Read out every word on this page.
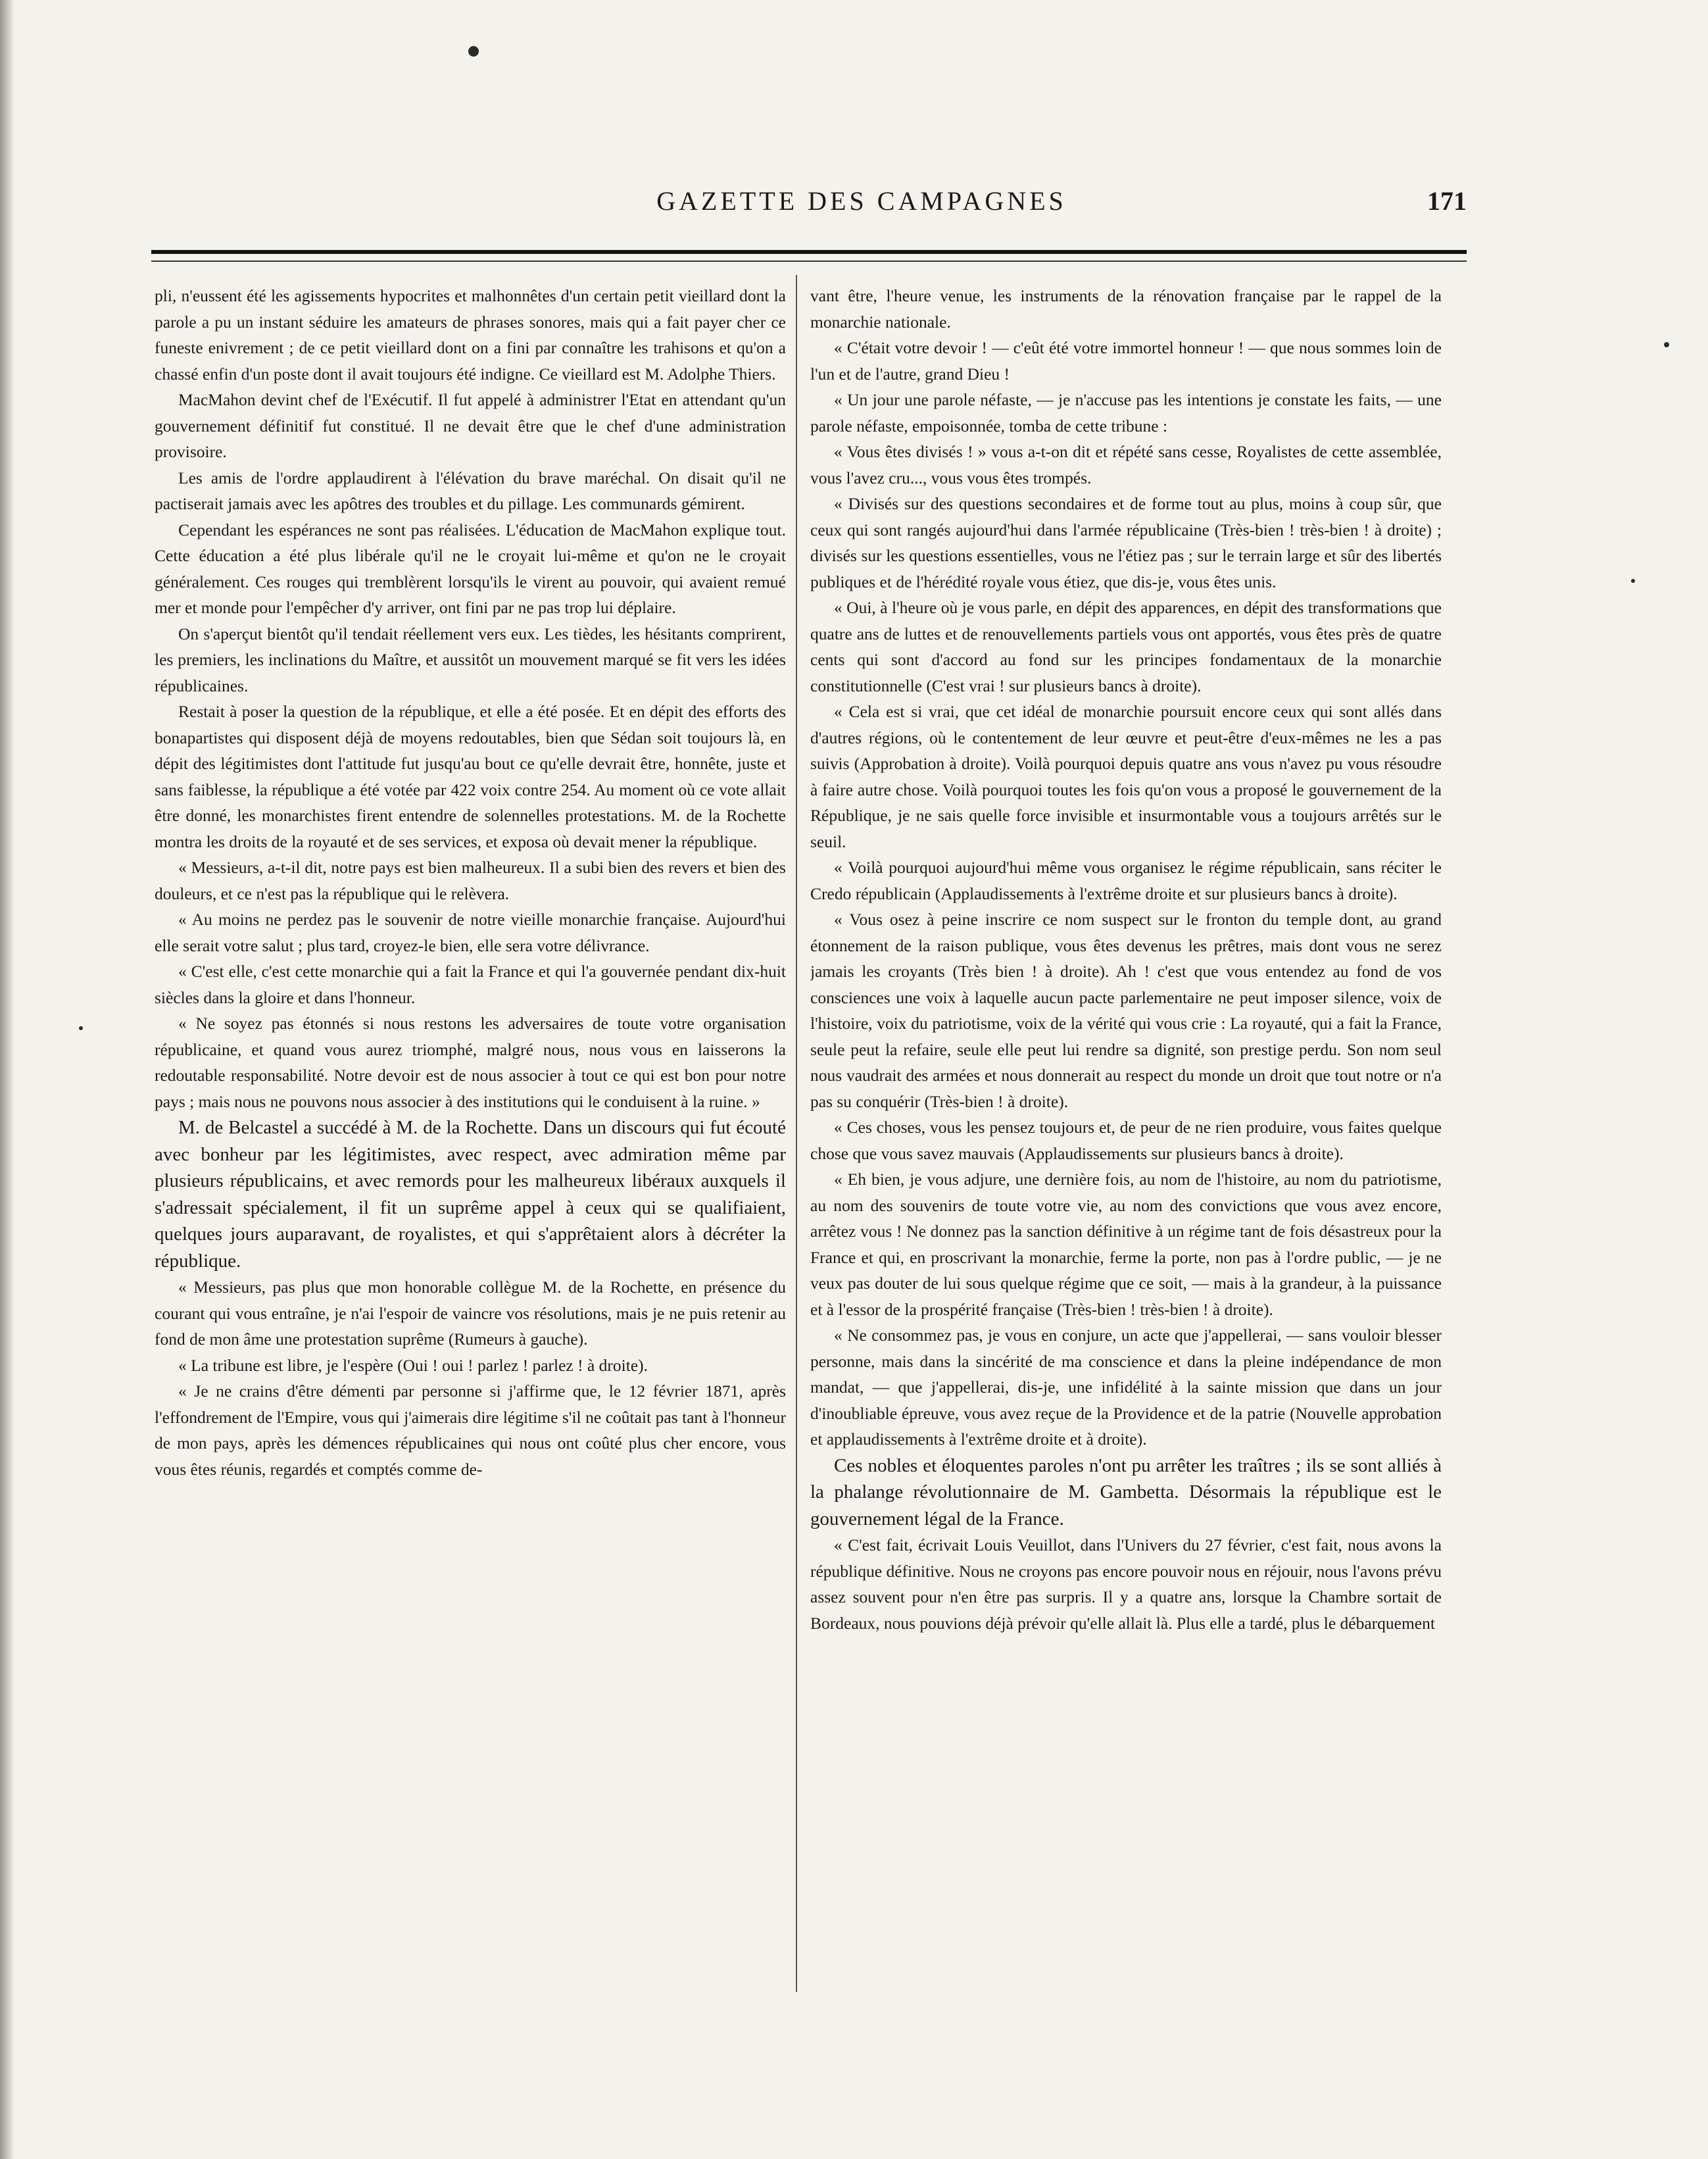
GAZETTE DES CAMPAGNES	171

pli, n'eussent été les agissements hypocrites et malhonnêtes d'un certain petit vieillard dont la parole a pu un instant séduire les amateurs de phrases sonores, mais qui a fait payer cher ce funeste enivrement ; de ce petit vieillard dont on a fini par connaître les trahisons et qu'on a chassé enfin d'un poste dont il avait toujours été indigne. Ce vieillard est M. Adolphe Thiers.

MacMahon devint chef de l'Exécutif. Il fut appelé à administrer l'Etat en attendant qu'un gouvernement définitif fut constitué. Il ne devait être que le chef d'une administration provisoire.

Les amis de l'ordre applaudirent à l'élévation du brave maréchal. On disait qu'il ne pactiserait jamais avec les apôtres des troubles et du pillage. Les communards gémirent.

Cependant les espérances ne sont pas réalisées. L'éducation de MacMahon explique tout. Cette éducation a été plus libérale qu'il ne le croyait lui-même et qu'on ne le croyait généralement. Ces rouges qui tremblèrent lorsqu'ils le virent au pouvoir, qui avaient remué mer et monde pour l'empêcher d'y arriver, ont fini par ne pas trop lui déplaire.

On s'aperçut bientôt qu'il tendait réellement vers eux. Les tièdes, les hésitants comprirent, les premiers, les inclinations du Maître, et aussitôt un mouvement marqué se fit vers les idées républicaines.

Restait à poser la question de la république, et elle a été posée. Et en dépit des efforts des bonapartistes qui disposent déjà de moyens redoutables, bien que Sédan soit toujours là, en dépit des légitimistes dont l'attitude fut jusqu'au bout ce qu'elle devrait être, honnête, juste et sans faiblesse, la république a été votée par 422 voix contre 254. Au moment où ce vote allait être donné, les monarchistes firent entendre de solennelles protestations. M. de la Rochette montra les droits de la royauté et de ses services, et exposa où devait mener la république.

« Messieurs, a-t-il dit, notre pays est bien malheureux. Il a subi bien des revers et bien des douleurs, et ce n'est pas la république qui le relèvera.

« Au moins ne perdez pas le souvenir de notre vieille monarchie française. Aujourd'hui elle serait votre salut ; plus tard, croyez-le bien, elle sera votre délivrance.

« C'est elle, c'est cette monarchie qui a fait la France et qui l'a gouvernée pendant dix-huit siècles dans la gloire et dans l'honneur.

« Ne soyez pas étonnés si nous restons les adversaires de toute votre organisation républicaine, et quand vous aurez triomphé, malgré nous, nous vous en laisserons la redoutable responsabilité. Notre devoir est de nous associer à tout ce qui est bon pour notre pays ; mais nous ne pouvons nous associer à des institutions qui le conduisent à la ruine. »

M. de Belcastel a succédé à M. de la Rochette. Dans un discours qui fut écouté avec bonheur par les légitimistes, avec respect, avec admiration même par plusieurs républicains, et avec remords pour les malheureux libéraux auxquels il s'adressait spécialement, il fit un suprême appel à ceux qui se qualifiaient, quelques jours auparavant, de royalistes, et qui s'apprêtaient alors à décréter la république.

« Messieurs, pas plus que mon honorable collègue M. de la Rochette, en présence du courant qui vous entraîne, je n'ai l'espoir de vaincre vos résolutions, mais je ne puis retenir au fond de mon âme une protestation suprême (Rumeurs à gauche).

« La tribune est libre, je l'espère (Oui ! oui ! parlez ! parlez ! à droite).

« Je ne crains d'être démenti par personne si j'affirme que, le 12 février 1871, après l'effondrement de l'Empire, vous qui j'aimerais dire légitime s'il ne coûtait pas tant à l'honneur de mon pays, après les démences républicaines qui nous ont coûté plus cher encore, vous vous êtes réunis, regardés et comptés comme de-

vant être, l'heure venue, les instruments de la rénovation française par le rappel de la monarchie nationale.

« C'était votre devoir ! — c'eût été votre immortel honneur ! — que nous sommes loin de l'un et de l'autre, grand Dieu !

« Un jour une parole néfaste, — je n'accuse pas les intentions je constate les faits, — une parole néfaste, empoisonnée, tomba de cette tribune :

« Vous êtes divisés ! » vous a-t-on dit et répété sans cesse, Royalistes de cette assemblée, vous l'avez cru..., vous vous êtes trompés.

« Divisés sur des questions secondaires et de forme tout au plus, moins à coup sûr, que ceux qui sont rangés aujourd'hui dans l'armée républicaine (Très-bien ! très-bien ! à droite) ; divisés sur les questions essentielles, vous ne l'étiez pas ; sur le terrain large et sûr des libertés publiques et de l'hérédité royale vous étiez, que dis-je, vous êtes unis.

« Oui, à l'heure où je vous parle, en dépit des apparences, en dépit des transformations que quatre ans de luttes et de renouvellements partiels vous ont apportés, vous êtes près de quatre cents qui sont d'accord au fond sur les principes fondamentaux de la monarchie constitutionnelle (C'est vrai ! sur plusieurs bancs à droite).

« Cela est si vrai, que cet idéal de monarchie poursuit encore ceux qui sont allés dans d'autres régions, où le contentement de leur œuvre et peut-être d'eux-mêmes ne les a pas suivis (Approbation à droite). Voilà pourquoi depuis quatre ans vous n'avez pu vous résoudre à faire autre chose. Voilà pourquoi toutes les fois qu'on vous a proposé le gouvernement de la République, je ne sais quelle force invisible et insurmontable vous a toujours arrêtés sur le seuil.

« Voilà pourquoi aujourd'hui même vous organisez le régime républicain, sans réciter le Credo républicain (Applaudissements à l'extrême droite et sur plusieurs bancs à droite).

« Vous osez à peine inscrire ce nom suspect sur le fronton du temple dont, au grand étonnement de la raison publique, vous êtes devenus les prêtres, mais dont vous ne serez jamais les croyants (Très bien ! à droite). Ah ! c'est que vous entendez au fond de vos consciences une voix à laquelle aucun pacte parlementaire ne peut imposer silence, voix de l'histoire, voix du patriotisme, voix de la vérité qui vous crie : La royauté, qui a fait la France, seule peut la refaire, seule elle peut lui rendre sa dignité, son prestige perdu. Son nom seul nous vaudrait des armées et nous donnerait au respect du monde un droit que tout notre or n'a pas su conquérir (Très-bien ! à droite).

« Ces choses, vous les pensez toujours et, de peur de ne rien produire, vous faites quelque chose que vous savez mauvais (Applaudissements sur plusieurs bancs à droite).

« Eh bien, je vous adjure, une dernière fois, au nom de l'histoire, au nom du patriotisme, au nom des souvenirs de toute votre vie, au nom des convictions que vous avez encore, arrêtez vous ! Ne donnez pas la sanction définitive à un régime tant de fois désastreux pour la France et qui, en proscrivant la monarchie, ferme la porte, non pas à l'ordre public, — je ne veux pas douter de lui sous quelque régime que ce soit, — mais à la grandeur, à la puissance et à l'essor de la prospérité française (Très-bien ! très-bien ! à droite).

« Ne consommez pas, je vous en conjure, un acte que j'appellerai, — sans vouloir blesser personne, mais dans la sincérité de ma conscience et dans la pleine indépendance de mon mandat, — que j'appellerai, dis-je, une infidélité à la sainte mission que dans un jour d'inoubliable épreuve, vous avez reçue de la Providence et de la patrie (Nouvelle approbation et applaudissements à l'extrême droite et à droite).

Ces nobles et éloquentes paroles n'ont pu arrêter les traîtres ; ils se sont alliés à la phalange révolutionnaire de M. Gambetta. Désormais la république est le gouvernement légal de la France.

« C'est fait, écrivait Louis Veuillot, dans l'Univers du 27 février, c'est fait, nous avons la république définitive. Nous ne croyons pas encore pouvoir nous en réjouir, nous l'avons prévu assez souvent pour n'en être pas surpris. Il y a quatre ans, lorsque la Chambre sortait de Bordeaux, nous pouvions déjà prévoir qu'elle allait là. Plus elle a tardé, plus le débarquement
